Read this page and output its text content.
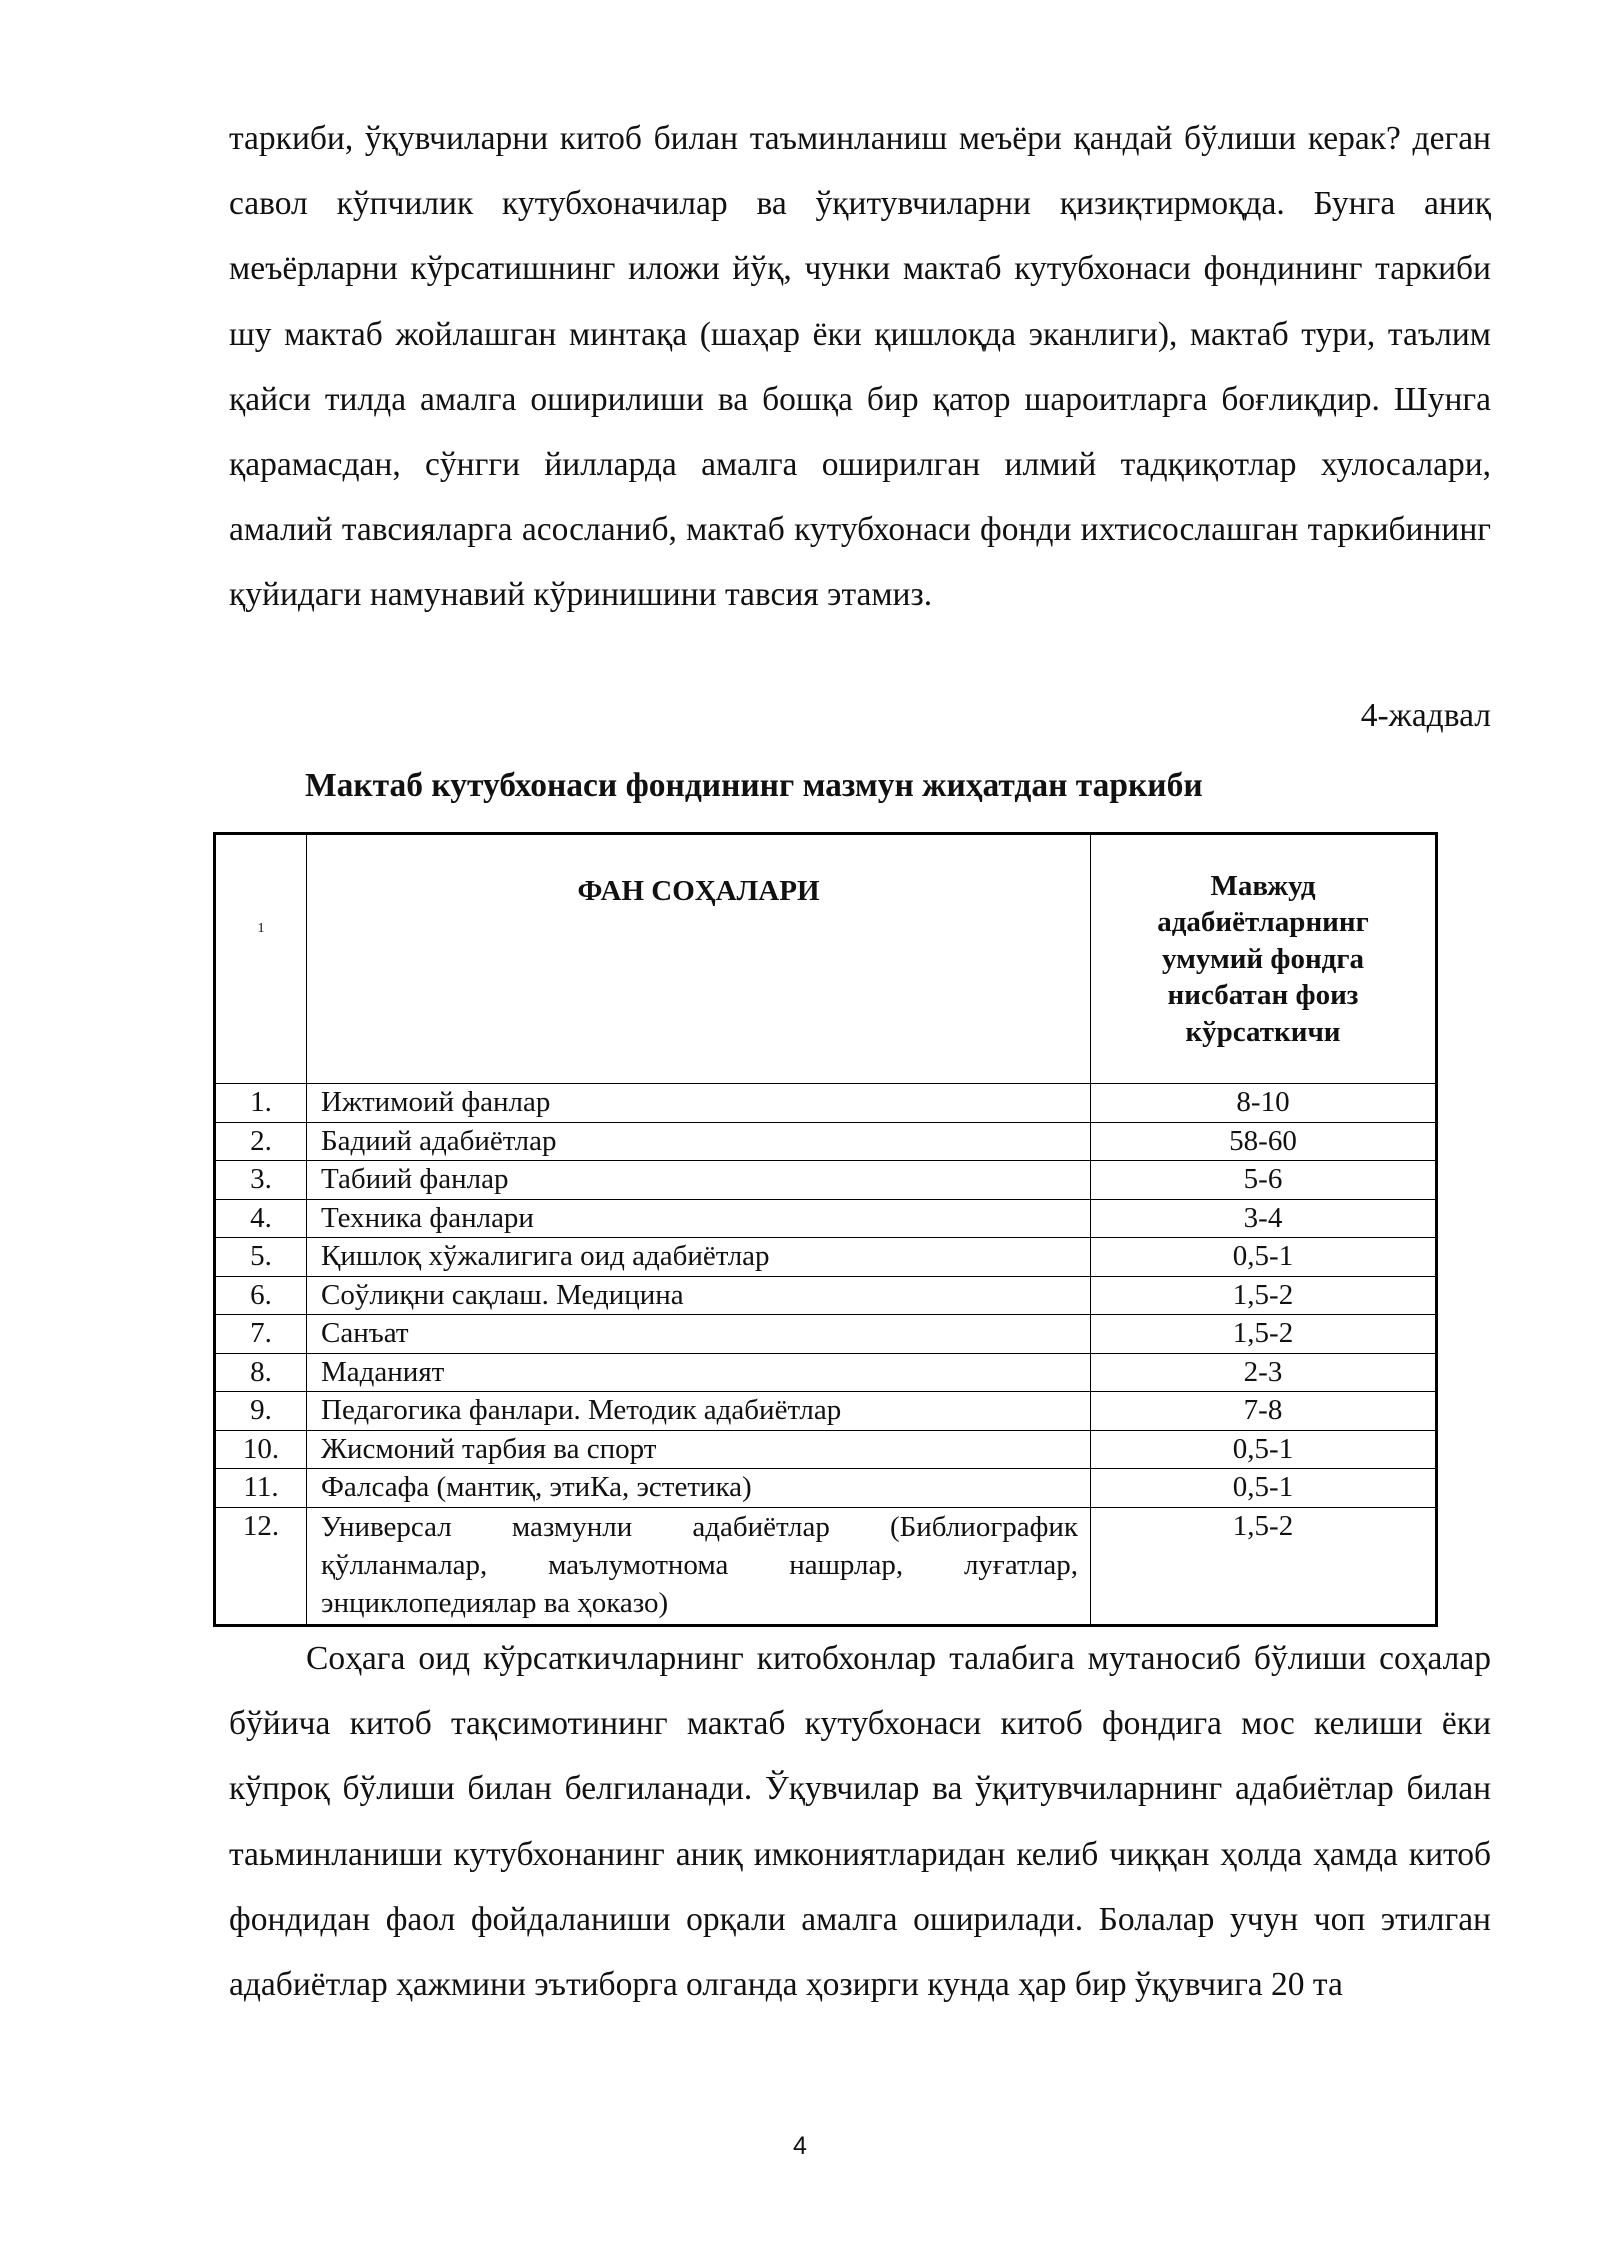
таркиби, ўқувчиларни китоб билан таъминланиш меъёри қандай бўлиши керак? деган савол кўпчилик кутубхоначилар ва ўқитувчиларни қизиқтирмоқда. Бунга аниқ меъёрларни кўрсатишнинг иложи йўқ, чунки мактаб кутубхонаси фондининг таркиби шу мактаб жойлашган минтақа (шаҳар ёки қишлоқда эканлиги), мактаб тури, таълим қайси тилда амалга оширилиши ва бошқа бир қатор шароитларга боғлиқдир. Шунга қарамасдан, сўнгги йилларда амалга оширилган илмий тадқиқотлар хулосалари, амалий тавсияларга асосланиб, мактаб кутубхонаси фонди ихтисослашган таркибининг қуйидаги намунавий кўринишини тавсия этамиз.

4-жадвал

Мактаб кутубхонаси фондининг мазмун жиҳатдан таркиби

1	ФАН СОҲАЛАРИ	Мавжуд
адабиётларнинг
умумий фондга
нисбатан фоиз
кўрсаткичи

1.	Ижтимоий фанлар	8-10
2.	Бадиий адабиётлар	58-60
3.	Табиий фанлар	5-6
4.	Техника фанлари	3-4
5.	Қишлоқ хўжалигига оид адабиётлар	0,5-1
6.	Соўлиқни сақлаш. Медицина	1,5-2
7.	Санъат	1,5-2
8.	Маданият	2-3
9.	Педагогика фанлари. Методик адабиётлар	7-8
10.	Жисмоний тарбия ва спорт	0,5-1
11.	Фалсафа (мантиқ, этиКа, эстетика)	0,5-1
12.	Универсал мазмунли адабиётлар (Библиографик қўлланмалар, маълумотнома нашрлар, луғатлар, энциклопедиялар ва ҳоказо)	1,5-2

Соҳага оид кўрсаткичларнинг китобхонлар талабига мутаносиб бўлиши соҳалар бўйича китоб тақсимотининг мактаб кутубхонаси китоб фондига мос келиши ёки кўпроқ бўлиши билан белгиланади. Ўқувчилар ва ўқитувчиларнинг адабиётлар билан таьминланиши кутубхонанинг аниқ имкониятларидан келиб чиққан ҳолда ҳамда китоб фондидан фаол фойдаланиши орқали амалга оширилади. Болалар учун чоп этилган адабиётлар ҳажмини эътиборга олганда ҳозирги кунда ҳар бир ўқувчига 20 та

4
